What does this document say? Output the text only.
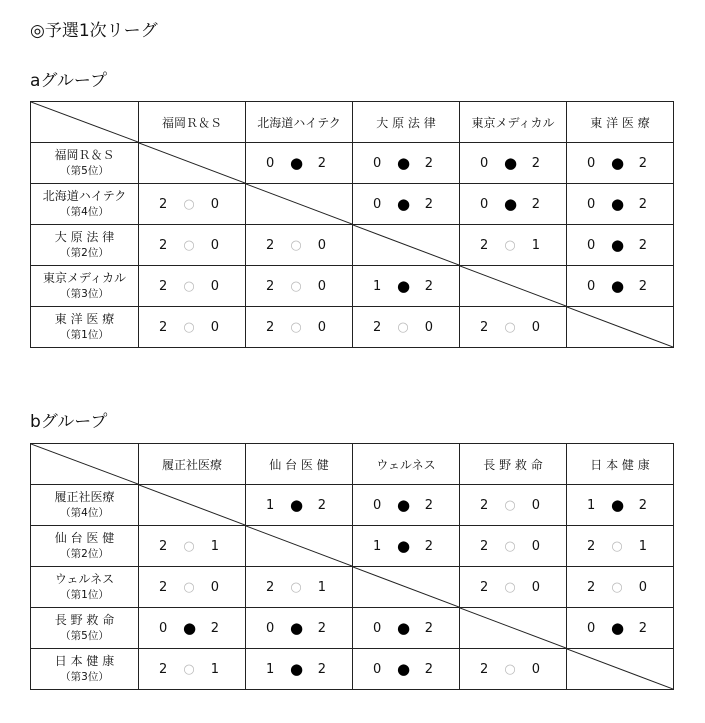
◎予選1次リーグ
aグループ
	福岡Ｒ＆Ｓ	北海道ハイテク	大 原 法 律	東京メディカル	東 洋 医 療
福岡Ｒ＆Ｓ
（第5位）		0 ● 2	0 ● 2	0 ● 2	0 ● 2

北海道ハイテク
（第4位）	2 ○ 0		0 ● 2	0 ● 2	0 ● 2

大 原 法 律
（第2位）	2 ○ 0	2 ○ 0		2 ○ 1	0 ● 2

東京メディカル
（第3位）	2 ○ 0	2 ○ 0	1 ● 2		0 ● 2

東 洋 医 療
（第1位）	2 ○ 0	2 ○ 0	2 ○ 0	2 ○ 0

bグループ
	履正社医療	仙 台 医 健	ウェルネス	長 野 救 命	日 本 健 康
履正社医療
（第4位）		1 ● 2	0 ● 2	2 ○ 0	1 ● 2

仙 台 医 健
（第2位）	2 ○ 1		1 ● 2	2 ○ 0	2 ○ 1

ウェルネス
（第1位）	2 ○ 0	2 ○ 1		2 ○ 0	2 ○ 0

長 野 救 命
（第5位）	0 ● 2	0 ● 2	0 ● 2		0 ● 2

日 本 健 康
（第3位）	2 ○ 1	1 ● 2	0 ● 2	2 ○ 0
